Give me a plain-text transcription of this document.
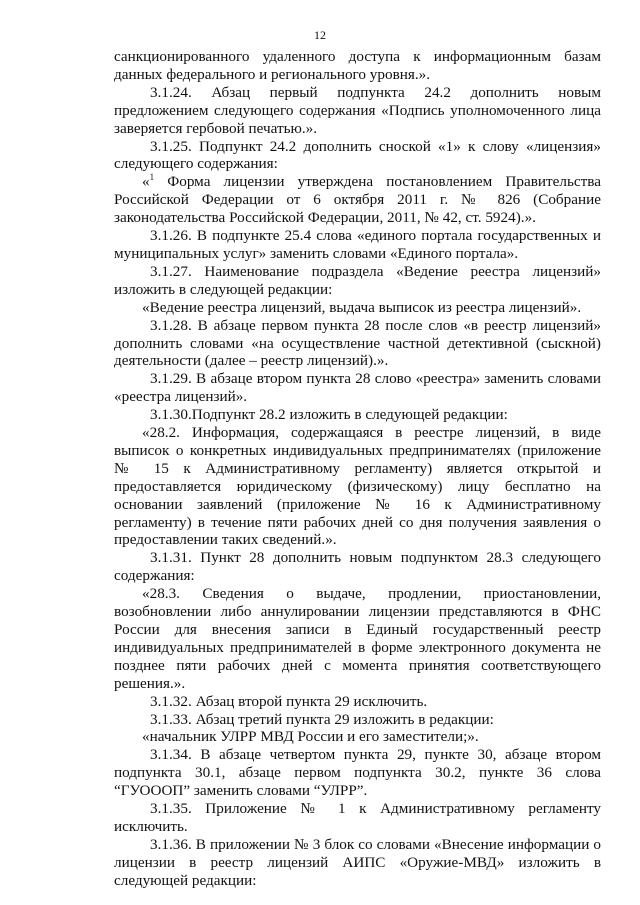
12

санкционированного удаленного доступа к информационным базам данных федерального и регионального уровня.».

3.1.24. Абзац первый подпункта 24.2 дополнить новым предложением следующего содержания «Подпись уполномоченного лица заверяется гербовой печатью.».

3.1.25. Подпункт 24.2 дополнить сноской «1» к слову «лицензия» следующего содержания:

«$^1$ Форма лицензии утверждена постановлением Правительства Российской Федерации от 6 октября 2011 г. № 826 (Собрание законодательства Российской Федерации, 2011, № 42, ст. 5924).».

3.1.26. В подпункте 25.4 слова «единого портала государственных и муниципальных услуг» заменить словами «Единого портала».

3.1.27. Наименование подраздела «Ведение реестра лицензий» изложить в следующей редакции:

«Ведение реестра лицензий, выдача выписок из реестра лицензий».

3.1.28. В абзаце первом пункта 28 после слов «в реестр лицензий» дополнить словами «на осуществление частной детективной (сыскной) деятельности (далее – реестр лицензий).».

3.1.29. В абзаце втором пункта 28 слово «реестра» заменить словами «реестра лицензий».

3.1.30.Подпункт 28.2 изложить в следующей редакции:

«28.2. Информация, содержащаяся в реестре лицензий, в виде выписок о конкретных индивидуальных предпринимателях (приложение № 15 к Административному регламенту) является открытой и предоставляется юридическому (физическому) лицу бесплатно на основании заявлений (приложение № 16 к Административному регламенту) в течение пяти рабочих дней со дня получения заявления о предоставлении таких сведений.».

3.1.31. Пункт 28 дополнить новым подпунктом 28.3 следующего содержания:

«28.3. Сведения о выдаче, продлении, приостановлении, возобновлении либо аннулировании лицензии представляются в ФНС России для внесения записи в Единый государственный реестр индивидуальных предпринимателей в форме электронного документа не позднее пяти рабочих дней с момента принятия соответствующего решения.».

3.1.32. Абзац второй пункта 29 исключить.

3.1.33. Абзац третий пункта 29 изложить в редакции:

«начальник УЛРР МВД России и его заместители;».

3.1.34. В абзаце четвертом пункта 29, пункте 30, абзаце втором подпункта 30.1, абзаце первом подпункта 30.2, пункте 36 слова “ГУОООП” заменить словами “УЛРР”.

3.1.35. Приложение № 1 к Административному регламенту исключить.

3.1.36. В приложении № 3 блок со словами «Внесение информации о лицензии в реестр лицензий АИПС «Оружие-МВД» изложить в следующей редакции:
